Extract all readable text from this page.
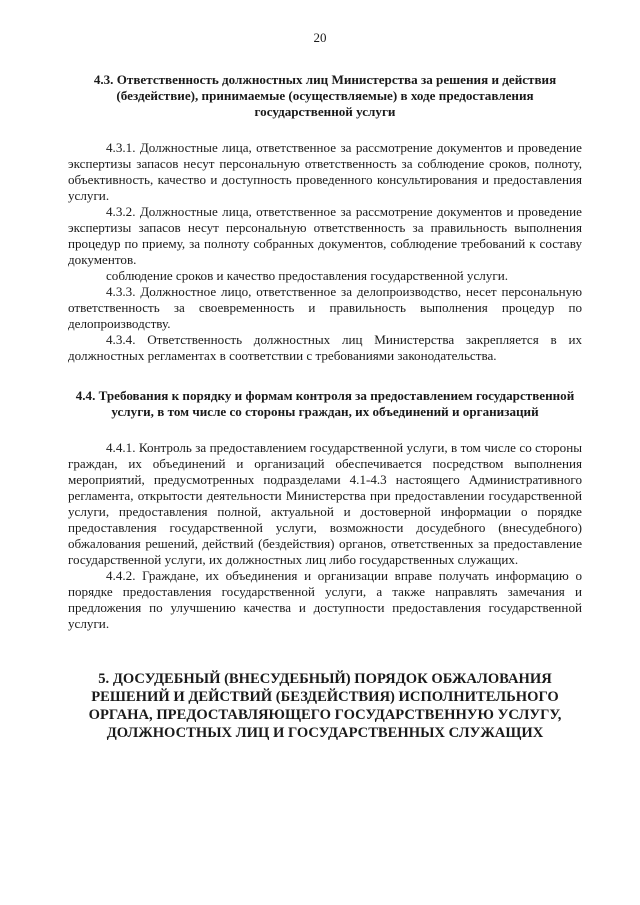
20

4.3. Ответственность должностных лиц Министерства за решения и действия (бездействие), принимаемые (осуществляемые) в ходе предоставления государственной услуги

4.3.1. Должностные лица, ответственное за рассмотрение документов и проведение экспертизы запасов несут персональную ответственность за соблюдение сроков, полноту, объективность, качество и доступность проведенного консультирования и предоставления услуги.

4.3.2. Должностные лица, ответственное за рассмотрение документов и проведение экспертизы запасов несут персональную ответственность за правильность выполнения процедур по приему, за полноту собранных документов, соблюдение требований к составу документов.

соблюдение сроков и качество предоставления государственной услуги.

4.3.3. Должностное лицо, ответственное за делопроизводство, несет персональную ответственность за своевременность и правильность выполнения процедур по делопроизводству.

4.3.4. Ответственность должностных лиц Министерства закрепляется в их должностных регламентах в соответствии с требованиями законодательства.

4.4. Требования к порядку и формам контроля за предоставлением государственной услуги, в том числе со стороны граждан, их объединений и организаций

4.4.1. Контроль за предоставлением государственной услуги, в том числе со стороны граждан, их объединений и организаций обеспечивается посредством выполнения мероприятий, предусмотренных подразделами 4.1-4.3 настоящего Административного регламента, открытости деятельности Министерства при предоставлении государственной услуги, предоставления полной, актуальной и достоверной информации о порядке предоставления государственной услуги, возможности досудебного (внесудебного) обжалования решений, действий (бездействия) органов, ответственных за предоставление государственной услуги, их должностных лиц либо государственных служащих.

4.4.2. Граждане, их объединения и организации вправе получать информацию о порядке предоставления государственной услуги, а также направлять замечания и предложения по улучшению качества и доступности предоставления государственной услуги.

5. ДОСУДЕБНЫЙ (ВНЕСУДЕБНЫЙ) ПОРЯДОК ОБЖАЛОВАНИЯ РЕШЕНИЙ И ДЕЙСТВИЙ (БЕЗДЕЙСТВИЯ) ИСПОЛНИТЕЛЬНОГО ОРГАНА, ПРЕДОСТАВЛЯЮЩЕГО ГОСУДАРСТВЕННУЮ УСЛУГУ, ДОЛЖНОСТНЫХ ЛИЦ И ГОСУДАРСТВЕННЫХ СЛУЖАЩИХ
